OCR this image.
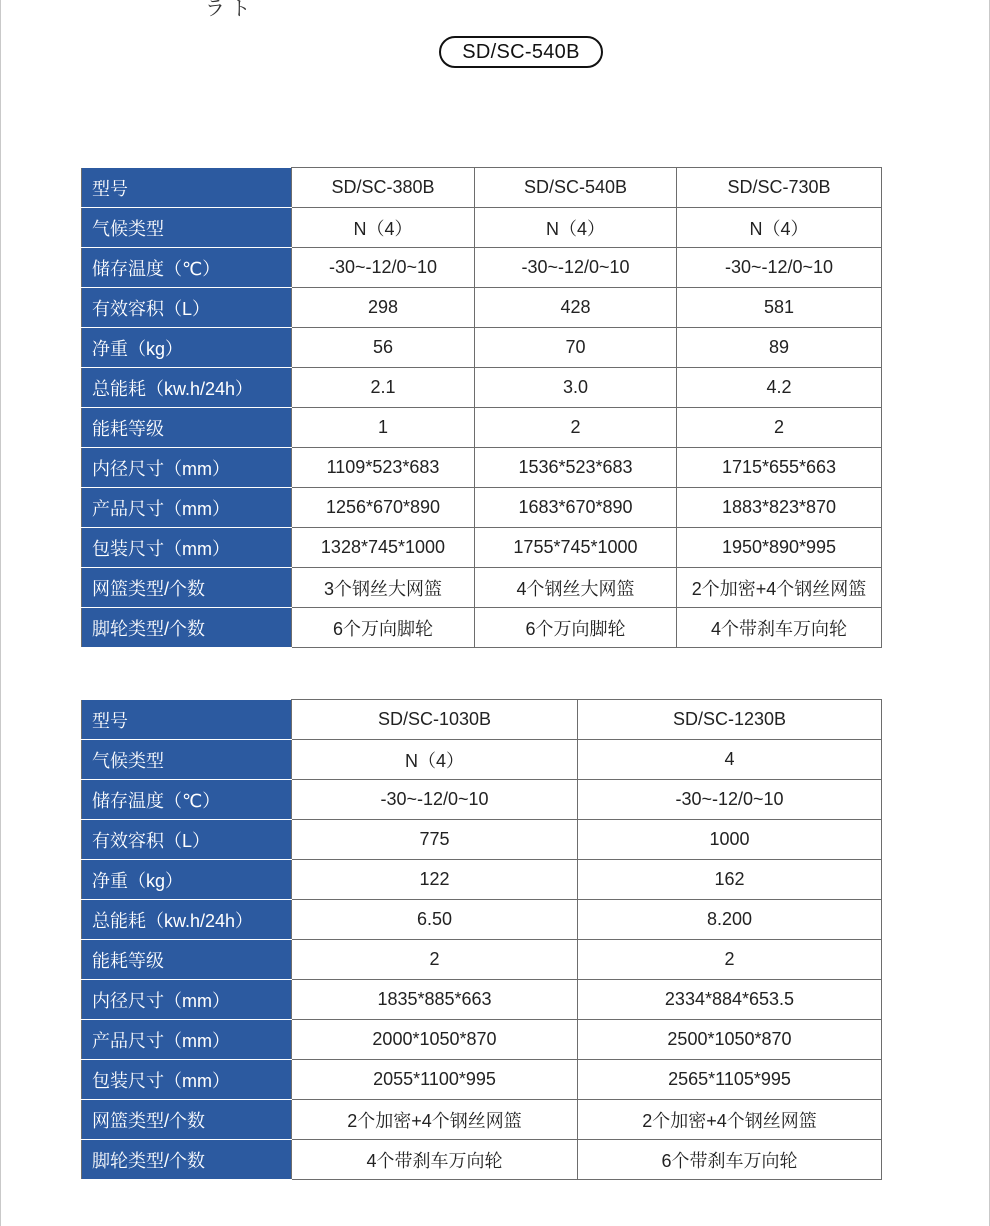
ラ ト
SD/SC-540B
型号	SD/SC-380B	SD/SC-540B	SD/SC-730B
气候类型	N（4）	N（4）	N（4）
储存温度（℃）	-30~-12/0~10	-30~-12/0~10	-30~-12/0~10
有效容积（L）	298	428	581
净重（kg）	56	70	89
总能耗（kw.h/24h）	2.1	3.0	4.2
能耗等级	1	2	2
内径尺寸（mm）	1109*523*683	1536*523*683	1715*655*663
产品尺寸（mm）	1256*670*890	1683*670*890	1883*823*870
包装尺寸（mm）	1328*745*1000	1755*745*1000	1950*890*995
网篮类型/个数	3个钢丝大网篮	4个钢丝大网篮	2个加密+4个钢丝网篮
脚轮类型/个数	6个万向脚轮	6个万向脚轮	4个带刹车万向轮
型号	SD/SC-1030B	SD/SC-1230B
气候类型	N（4）	4
储存温度（℃）	-30~-12/0~10	-30~-12/0~10
有效容积（L）	775	1000
净重（kg）	122	162
总能耗（kw.h/24h）	6.50	8.200
能耗等级	2	2
内径尺寸（mm）	1835*885*663	2334*884*653.5
产品尺寸（mm）	2000*1050*870	2500*1050*870
包装尺寸（mm）	2055*1100*995	2565*1105*995
网篮类型/个数	2个加密+4个钢丝网篮	2个加密+4个钢丝网篮
脚轮类型/个数	4个带刹车万向轮	6个带刹车万向轮
